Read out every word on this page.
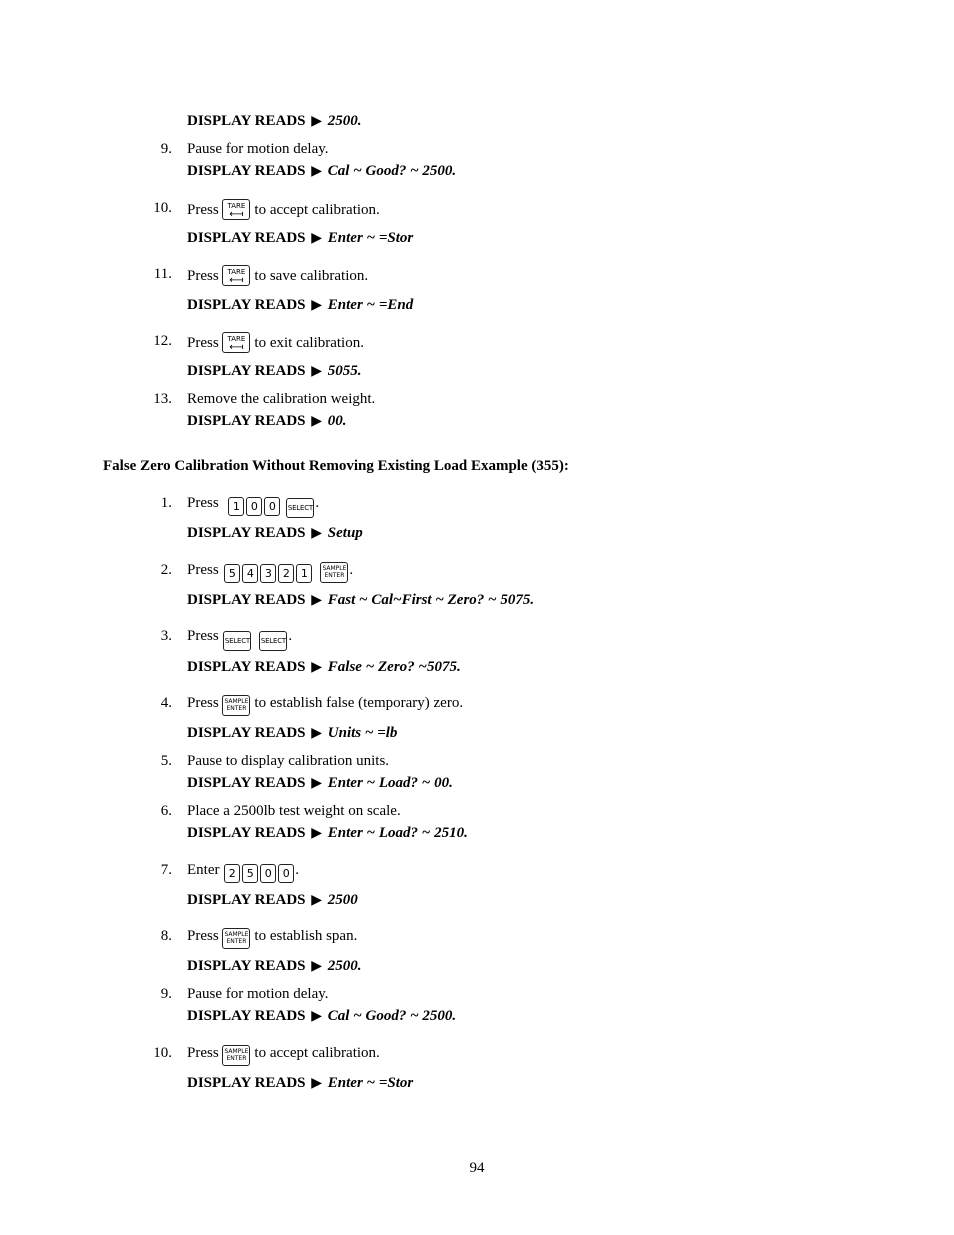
DISPLAY READS ▶ 2500.
9. Pause for motion delay.
DISPLAY READS ▶ Cal ~ Good? ~ 2500.
10. Press TARE
⟻ to accept calibration.
DISPLAY READS ▶ Enter ~ =Stor
11. Press TARE
⟻ to save calibration.
DISPLAY READS ▶ Enter ~ =End
12. Press TARE
⟻ to exit calibration.
DISPLAY READS ▶ 5055.
13. Remove the calibration weight.
DISPLAY READS ▶ 00.
False Zero Calibration Without Removing Existing Load Example (355):
1. Press 1 0 0 SELECT .
DISPLAY READS ▶ Setup
2. Press 5 4 3 2 1 SAMPLE
ENTER .
DISPLAY READS ▶ Fast ~ Cal~First ~ Zero? ~ 5075.
3. Press SELECT SELECT .
DISPLAY READS ▶ False ~ Zero? ~5075.
4. Press SAMPLE
ENTER to establish false (temporary) zero.
DISPLAY READS ▶ Units ~ =lb
5. Pause to display calibration units.
DISPLAY READS ▶ Enter ~ Load? ~ 00.
6. Place a 2500lb test weight on scale.
DISPLAY READS ▶ Enter ~ Load? ~ 2510.
7. Enter 2 5 0 0 .
DISPLAY READS ▶ 2500
8. Press SAMPLE
ENTER to establish span.
DISPLAY READS ▶ 2500.
9. Pause for motion delay.
DISPLAY READS ▶ Cal ~ Good? ~ 2500.
10. Press SAMPLE
ENTER to accept calibration.
DISPLAY READS ▶ Enter ~ =Stor
94
